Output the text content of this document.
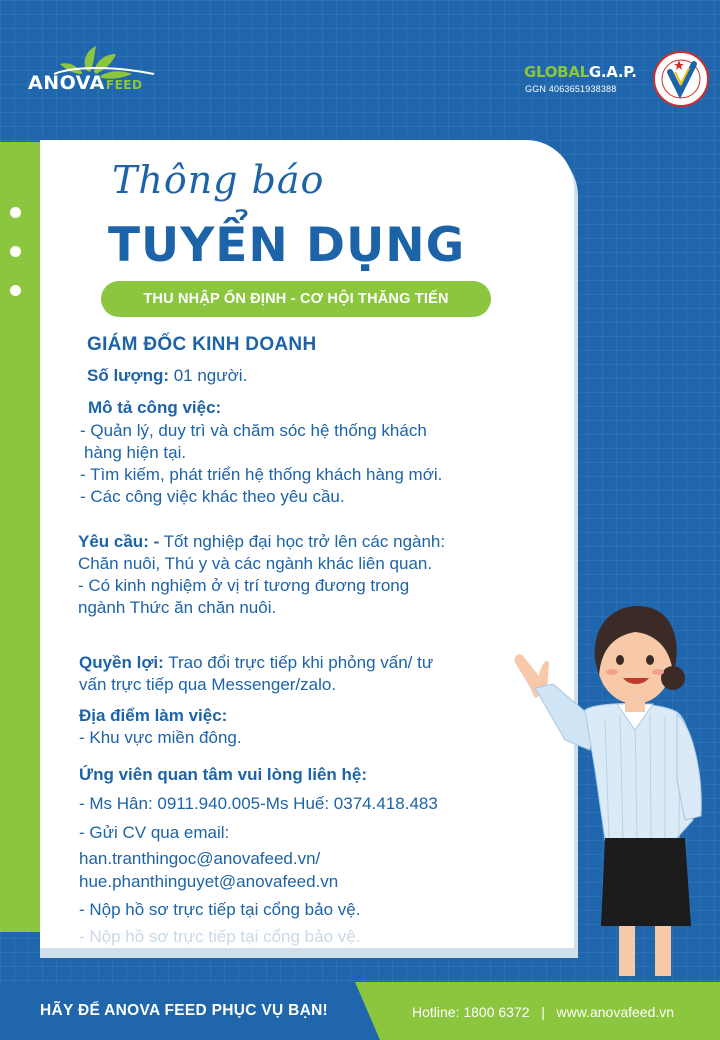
ANOVAFEED
GLOBALG.A.P.
GGN 4063651938388
Thông báo
TUYỂN DỤNG
THU NHẬP ỔN ĐỊNH - CƠ HỘI THĂNG TIẾN
GIÁM ĐỐC KINH DOANH
Số lượng: 01 người.
Mô tả công việc:
- Quản lý, duy trì và chăm sóc hệ thống khách
hàng hiện tại.
- Tìm kiếm, phát triển hệ thống khách hàng mới.
- Các công việc khác theo yêu cầu.
Yêu cầu: - Tốt nghiệp đại học trở lên các ngành:
Chăn nuôi, Thú y và các ngành khác liên quan.
- Có kinh nghiệm ở vị trí tương đương trong
ngành Thức ăn chăn nuôi.
Quyền lợi: Trao đổi trực tiếp khi phỏng vấn/ tư
vấn trực tiếp qua Messenger/zalo.
Địa điểm làm việc:
- Khu vực miền đông.
Ứng viên quan tâm vui lòng liên hệ:
- Ms Hân: 0911.940.005-Ms Huế: 0374.418.483
- Gửi CV qua email:
han.tranthingoc@anovafeed.vn/
hue.phanthinguyet@anovafeed.vn
- Nộp hồ sơ trực tiếp tại cổng bảo vệ.
- Nộp hồ sơ trực tiếp tại cổng bảo vệ.
HÃY ĐỂ ANOVA FEED PHỤC VỤ BẠN!	Hotline: 1800 6372   |   www.anovafeed.vn
